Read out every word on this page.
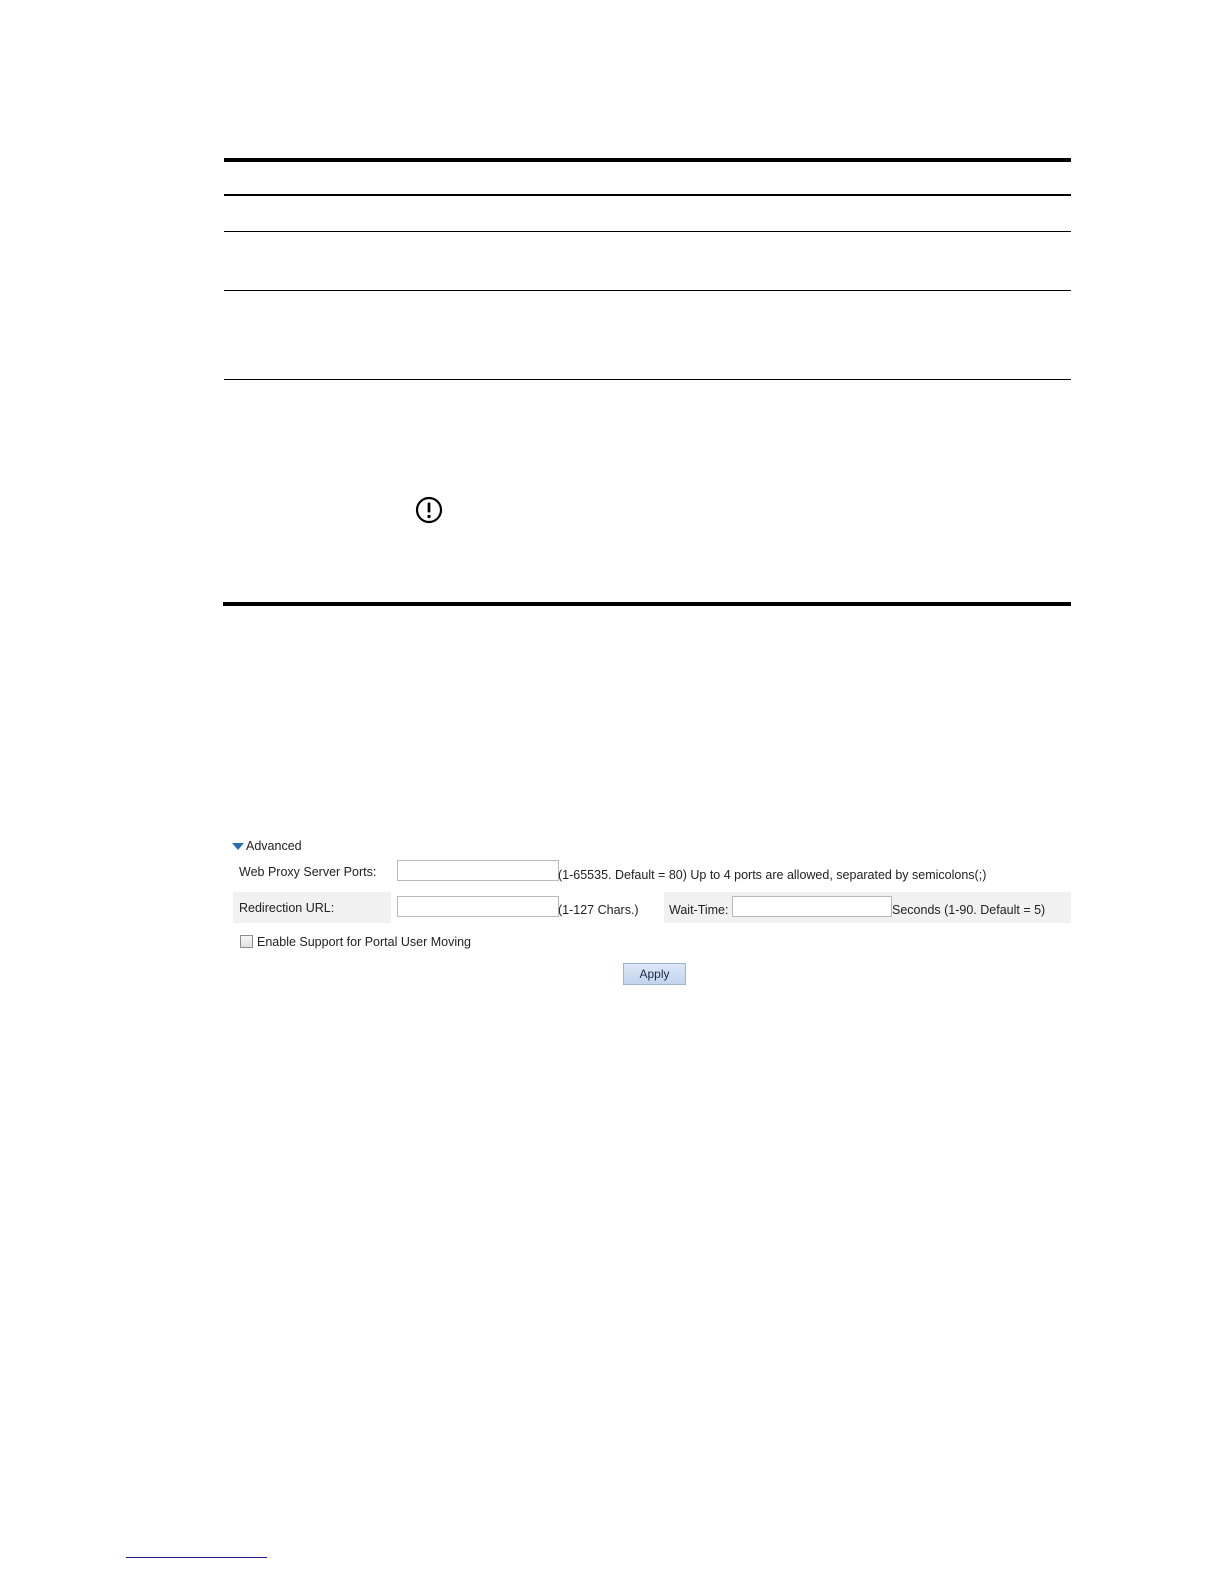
Advanced
Web Proxy Server Ports:	(1-65535. Default = 80) Up to 4 ports are allowed, separated by semicolons(;)
Redirection URL:	(1-127 Chars.) Wait-Time:	Seconds (1-90. Default = 5)
Enable Support for Portal User Moving
Apply
